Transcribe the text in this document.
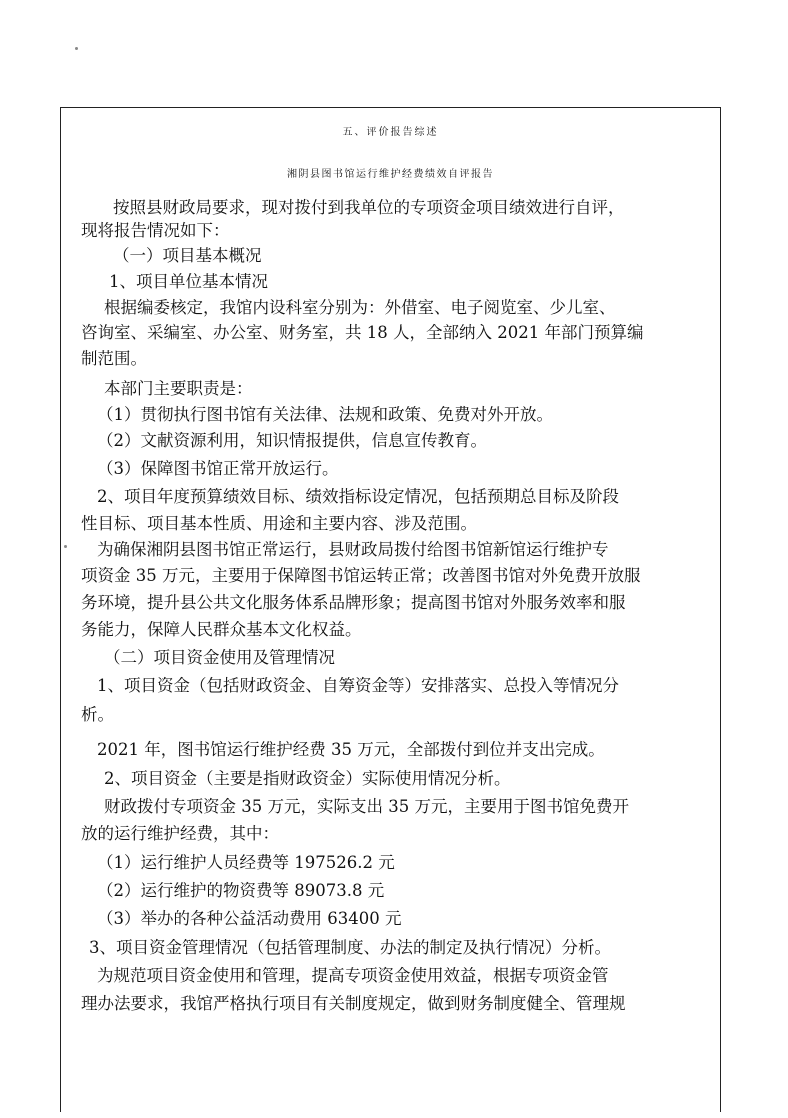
五、评价报告综述
湘阴县图书馆运行维护经费绩效自评报告
按照县财政局要求，现对拨付到我单位的专项资金项目绩效进行自评，
现将报告情况如下：
（一）项目基本概况
1、项目单位基本情况
根据编委核定，我馆内设科室分别为：外借室、电子阅览室、少儿室、
咨询室、采编室、办公室、财务室，共 18 人，全部纳入 2021 年部门预算编
制范围。
本部门主要职责是：
（1）贯彻执行图书馆有关法律、法规和政策、免费对外开放。
（2）文献资源利用，知识情报提供，信息宣传教育。
（3）保障图书馆正常开放运行。
2、项目年度预算绩效目标、绩效指标设定情况，包括预期总目标及阶段
性目标、项目基本性质、用途和主要内容、涉及范围。
为确保湘阴县图书馆正常运行，县财政局拨付给图书馆新馆运行维护专
项资金 35 万元，主要用于保障图书馆运转正常；改善图书馆对外免费开放服
务环境，提升县公共文化服务体系品牌形象；提高图书馆对外服务效率和服
务能力，保障人民群众基本文化权益。
（二）项目资金使用及管理情况
1、项目资金（包括财政资金、自筹资金等）安排落实、总投入等情况分
析。
2021 年，图书馆运行维护经费 35 万元，全部拨付到位并支出完成。
2、项目资金（主要是指财政资金）实际使用情况分析。
财政拨付专项资金 35 万元，实际支出 35 万元，主要用于图书馆免费开
放的运行维护经费，其中：
（1）运行维护人员经费等 197526.2 元
（2）运行维护的物资费等 89073.8 元
（3）举办的各种公益活动费用 63400 元
3、项目资金管理情况（包括管理制度、办法的制定及执行情况）分析。
为规范项目资金使用和管理，提高专项资金使用效益，根据专项资金管
理办法要求，我馆严格执行项目有关制度规定，做到财务制度健全、管理规
